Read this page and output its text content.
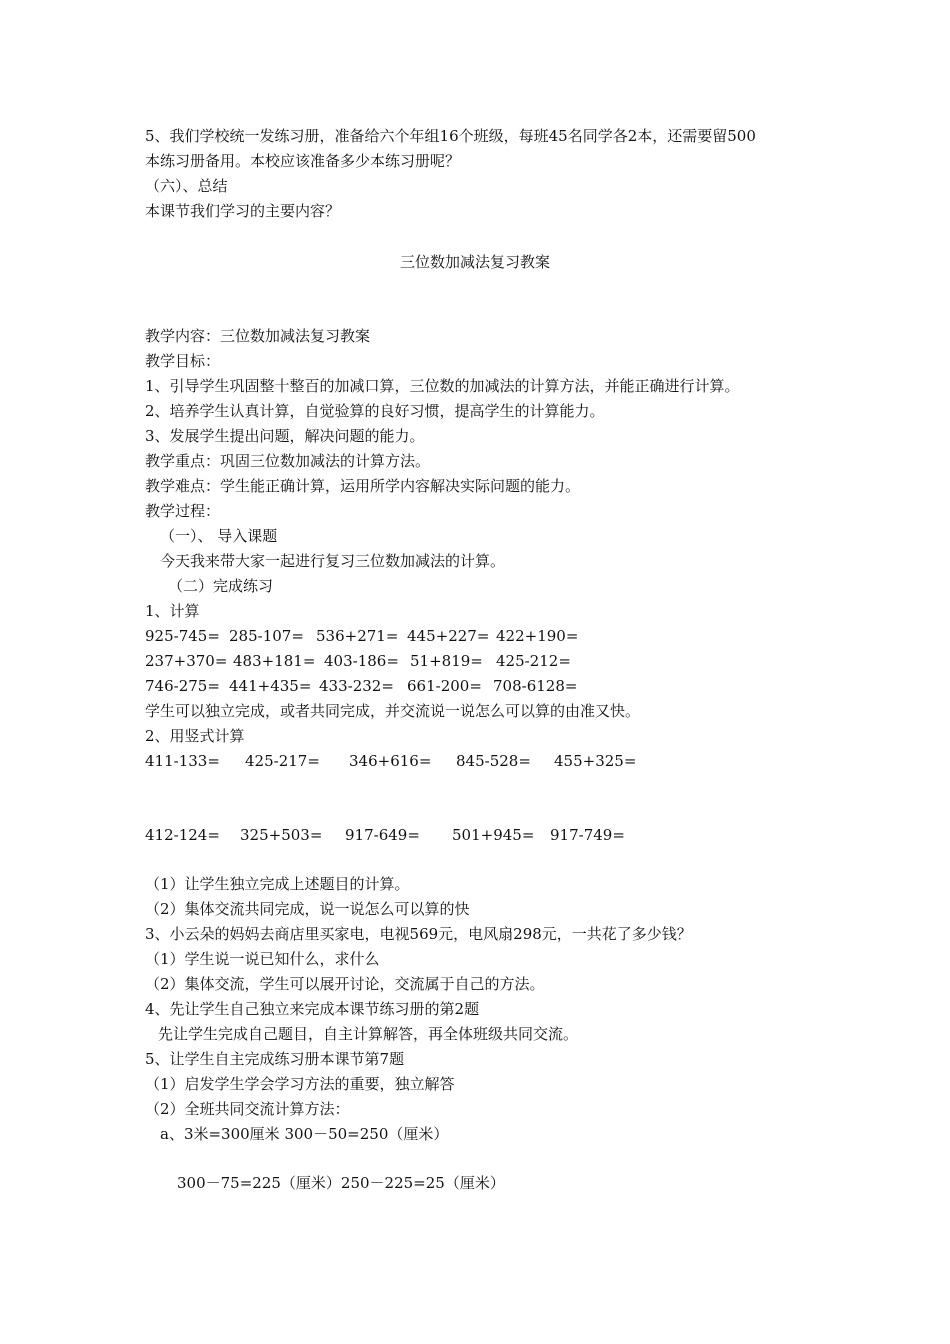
5、我们学校统一发练习册，准备给六个年组16个班级，每班45名同学各2本，还需要留500

本练习册备用。本校应该准备多少本练习册呢？

（六）、总结

本课节我们学习的主要内容？

三位数加减法复习教案

教学内容：三位数加减法复习教案

教学目标：

1、引导学生巩固整十整百的加减口算，三位数的加减法的计算方法，并能正确进行计算。

2、培养学生认真计算，自觉验算的良好习惯，提高学生的计算能力。

3、发展学生提出问题，解决问题的能力。

教学重点：巩固三位数加减法的计算方法。

教学难点：学生能正确计算，运用所学内容解决实际问题的能力。

教学过程：

（一）、 导入课题

今天我来带大家一起进行复习三位数加减法的计算。

（二）完成练习

1、计算

925-745= 285-107= 536+271= 445+227= 422+190=
237+370= 483+181= 403-186= 51+819= 425-212=
746-275= 441+435= 433-232= 661-200= 708-6128=

学生可以独立完成，或者共同完成，并交流说一说怎么可以算的由准又快。

2、用竖式计算

411-133= 425-217= 346+616= 845-528= 455+325=
412-124= 325+503= 917-649= 501+945= 917-749=

（1）让学生独立完成上述题目的计算。

（2）集体交流共同完成，说一说怎么可以算的快

3、小云朵的妈妈去商店里买家电，电视569元，电风扇298元，一共花了多少钱？

（1）学生说一说已知什么，求什么

（2）集体交流，学生可以展开讨论，交流属于自己的方法。

4、先让学生自己独立来完成本课节练习册的第2题

先让学生完成自己题目，自主计算解答，再全体班级共同交流。

5、让学生自主完成练习册本课节第7题

（1）启发学生学会学习方法的重要，独立解答

（2）全班共同交流计算方法：

a、3米=300厘米 300－50=250（厘米）

300－75=225（厘米）250－225=25（厘米）
